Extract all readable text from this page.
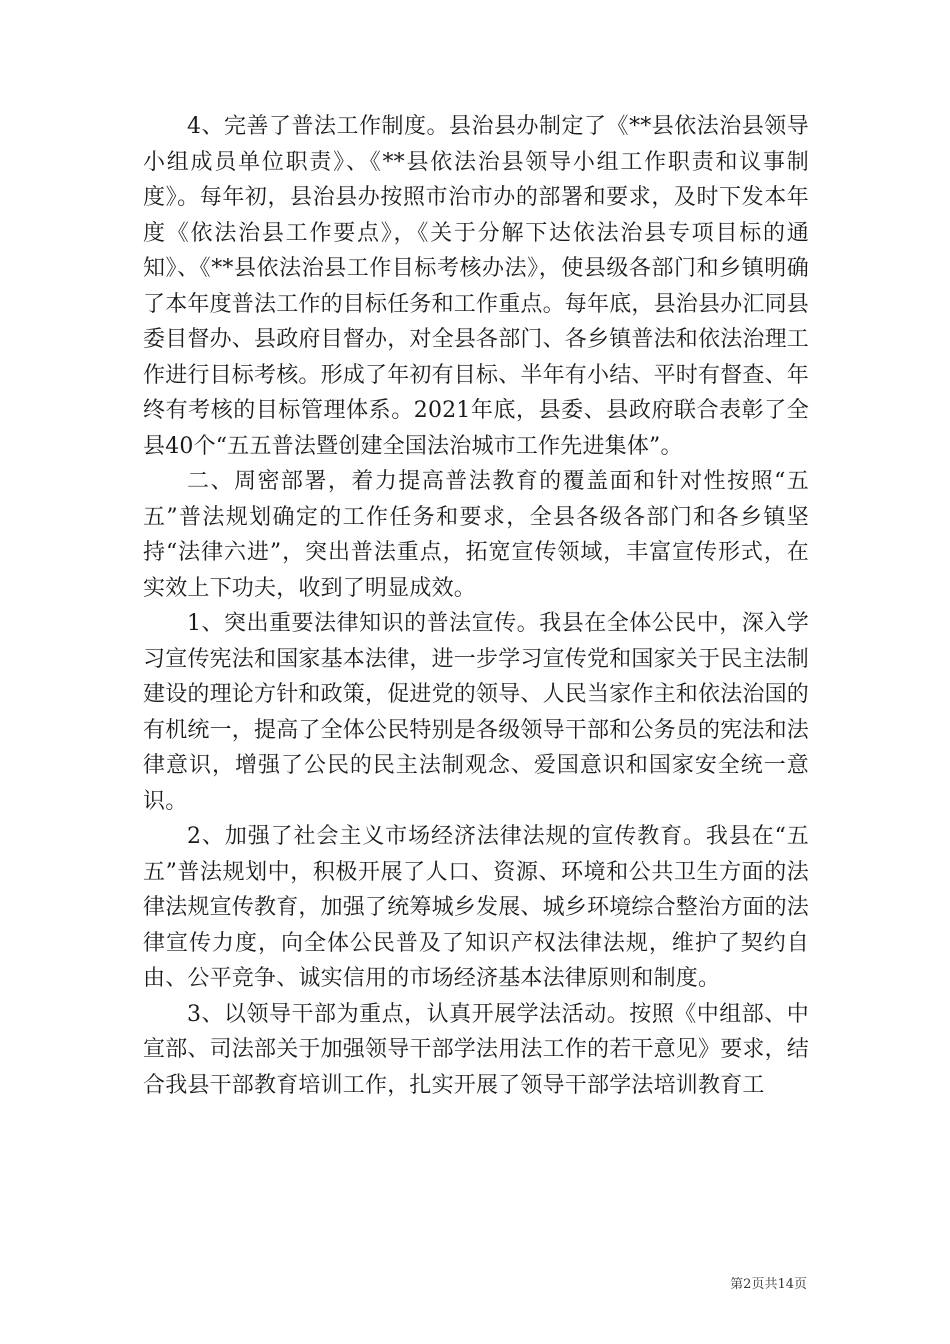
4、完善了普法工作制度。县治县办制定了《**县依法治县领导小组成员单位职责》、《**县依法治县领导小组工作职责和议事制度》。每年初，县治县办按照市治市办的部署和要求，及时下发本年度《依法治县工作要点》，《关于分解下达依法治县专项目标的通知》、《**县依法治县工作目标考核办法》，使县级各部门和乡镇明确了本年度普法工作的目标任务和工作重点。每年底，县治县办汇同县委目督办、县政府目督办，对全县各部门、各乡镇普法和依法治理工作进行目标考核。形成了年初有目标、半年有小结、平时有督查、年终有考核的目标管理体系。2021年底，县委、县政府联合表彰了全县40个“五五普法暨创建全国法治城市工作先进集体”。

二、周密部署，着力提高普法教育的覆盖面和针对性按照“五五”普法规划确定的工作任务和要求，全县各级各部门和各乡镇坚持“法律六进”，突出普法重点，拓宽宣传领域，丰富宣传形式，在实效上下功夫，收到了明显成效。

1、突出重要法律知识的普法宣传。我县在全体公民中，深入学习宣传宪法和国家基本法律，进一步学习宣传党和国家关于民主法制建设的理论方针和政策，促进党的领导、人民当家作主和依法治国的有机统一，提高了全体公民特别是各级领导干部和公务员的宪法和法律意识，增强了公民的民主法制观念、爱国意识和国家安全统一意识。

2、加强了社会主义市场经济法律法规的宣传教育。我县在“五五”普法规划中，积极开展了人口、资源、环境和公共卫生方面的法律法规宣传教育，加强了统筹城乡发展、城乡环境综合整治方面的法律宣传力度，向全体公民普及了知识产权法律法规，维护了契约自由、公平竞争、诚实信用的市场经济基本法律原则和制度。

3、以领导干部为重点，认真开展学法活动。按照《中组部、中宣部、司法部关于加强领导干部学法用法工作的若干意见》要求，结合我县干部教育培训工作，扎实开展了领导干部学法培训教育工

第2页共14页
